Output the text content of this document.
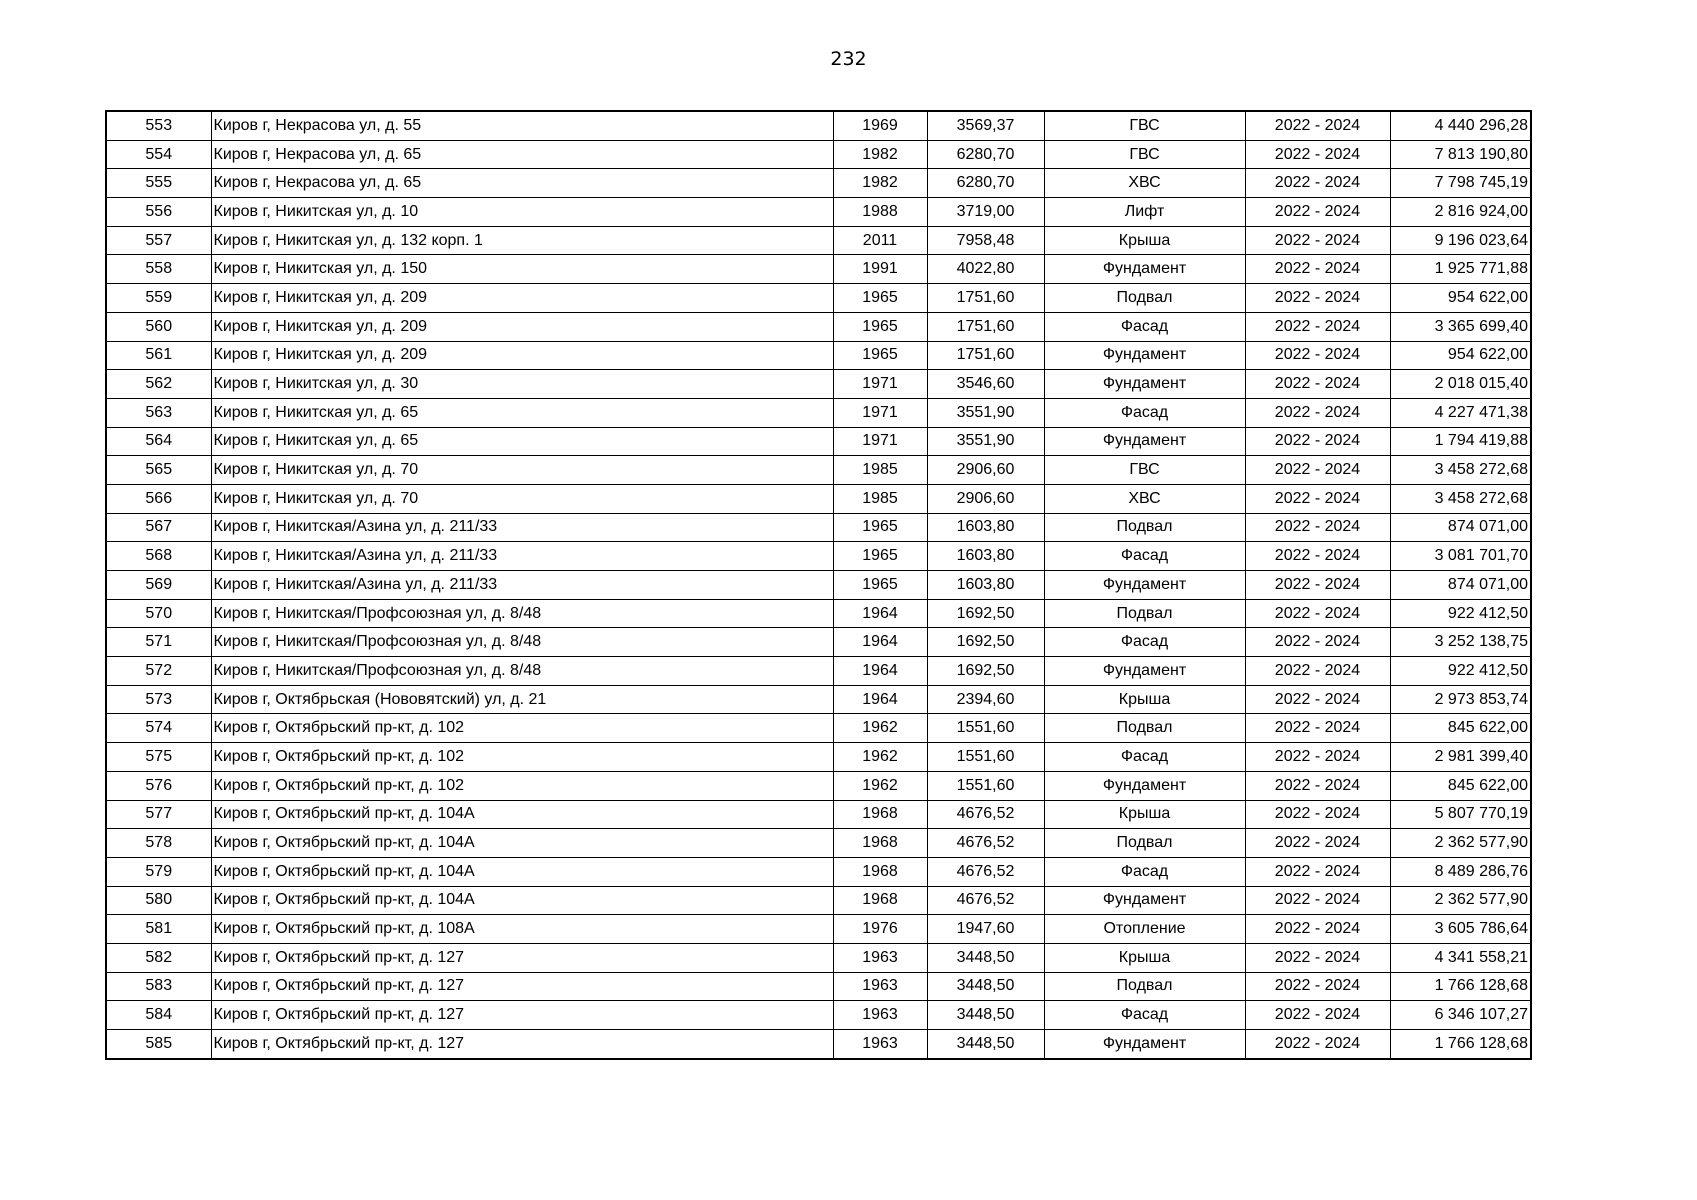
232
553	Киров г, Некрасова ул, д. 55	1969	3569,37	ГВС	2022 - 2024	4 440 296,28
554	Киров г, Некрасова ул, д. 65	1982	6280,70	ГВС	2022 - 2024	7 813 190,80
555	Киров г, Некрасова ул, д. 65	1982	6280,70	ХВС	2022 - 2024	7 798 745,19
556	Киров г, Никитская ул, д. 10	1988	3719,00	Лифт	2022 - 2024	2 816 924,00
557	Киров г, Никитская ул, д. 132 корп. 1	2011	7958,48	Крыша	2022 - 2024	9 196 023,64
558	Киров г, Никитская ул, д. 150	1991	4022,80	Фундамент	2022 - 2024	1 925 771,88
559	Киров г, Никитская ул, д. 209	1965	1751,60	Подвал	2022 - 2024	954 622,00
560	Киров г, Никитская ул, д. 209	1965	1751,60	Фасад	2022 - 2024	3 365 699,40
561	Киров г, Никитская ул, д. 209	1965	1751,60	Фундамент	2022 - 2024	954 622,00
562	Киров г, Никитская ул, д. 30	1971	3546,60	Фундамент	2022 - 2024	2 018 015,40
563	Киров г, Никитская ул, д. 65	1971	3551,90	Фасад	2022 - 2024	4 227 471,38
564	Киров г, Никитская ул, д. 65	1971	3551,90	Фундамент	2022 - 2024	1 794 419,88
565	Киров г, Никитская ул, д. 70	1985	2906,60	ГВС	2022 - 2024	3 458 272,68
566	Киров г, Никитская ул, д. 70	1985	2906,60	ХВС	2022 - 2024	3 458 272,68
567	Киров г, Никитская/Азина ул, д. 211/33	1965	1603,80	Подвал	2022 - 2024	874 071,00
568	Киров г, Никитская/Азина ул, д. 211/33	1965	1603,80	Фасад	2022 - 2024	3 081 701,70
569	Киров г, Никитская/Азина ул, д. 211/33	1965	1603,80	Фундамент	2022 - 2024	874 071,00
570	Киров г, Никитская/Профсоюзная ул, д. 8/48	1964	1692,50	Подвал	2022 - 2024	922 412,50
571	Киров г, Никитская/Профсоюзная ул, д. 8/48	1964	1692,50	Фасад	2022 - 2024	3 252 138,75
572	Киров г, Никитская/Профсоюзная ул, д. 8/48	1964	1692,50	Фундамент	2022 - 2024	922 412,50
573	Киров г, Октябрьская (Нововятский) ул, д. 21	1964	2394,60	Крыша	2022 - 2024	2 973 853,74
574	Киров г, Октябрьский пр-кт, д. 102	1962	1551,60	Подвал	2022 - 2024	845 622,00
575	Киров г, Октябрьский пр-кт, д. 102	1962	1551,60	Фасад	2022 - 2024	2 981 399,40
576	Киров г, Октябрьский пр-кт, д. 102	1962	1551,60	Фундамент	2022 - 2024	845 622,00
577	Киров г, Октябрьский пр-кт, д. 104А	1968	4676,52	Крыша	2022 - 2024	5 807 770,19
578	Киров г, Октябрьский пр-кт, д. 104А	1968	4676,52	Подвал	2022 - 2024	2 362 577,90
579	Киров г, Октябрьский пр-кт, д. 104А	1968	4676,52	Фасад	2022 - 2024	8 489 286,76
580	Киров г, Октябрьский пр-кт, д. 104А	1968	4676,52	Фундамент	2022 - 2024	2 362 577,90
581	Киров г, Октябрьский пр-кт, д. 108А	1976	1947,60	Отопление	2022 - 2024	3 605 786,64
582	Киров г, Октябрьский пр-кт, д. 127	1963	3448,50	Крыша	2022 - 2024	4 341 558,21
583	Киров г, Октябрьский пр-кт, д. 127	1963	3448,50	Подвал	2022 - 2024	1 766 128,68
584	Киров г, Октябрьский пр-кт, д. 127	1963	3448,50	Фасад	2022 - 2024	6 346 107,27
585	Киров г, Октябрьский пр-кт, д. 127	1963	3448,50	Фундамент	2022 - 2024	1 766 128,68
